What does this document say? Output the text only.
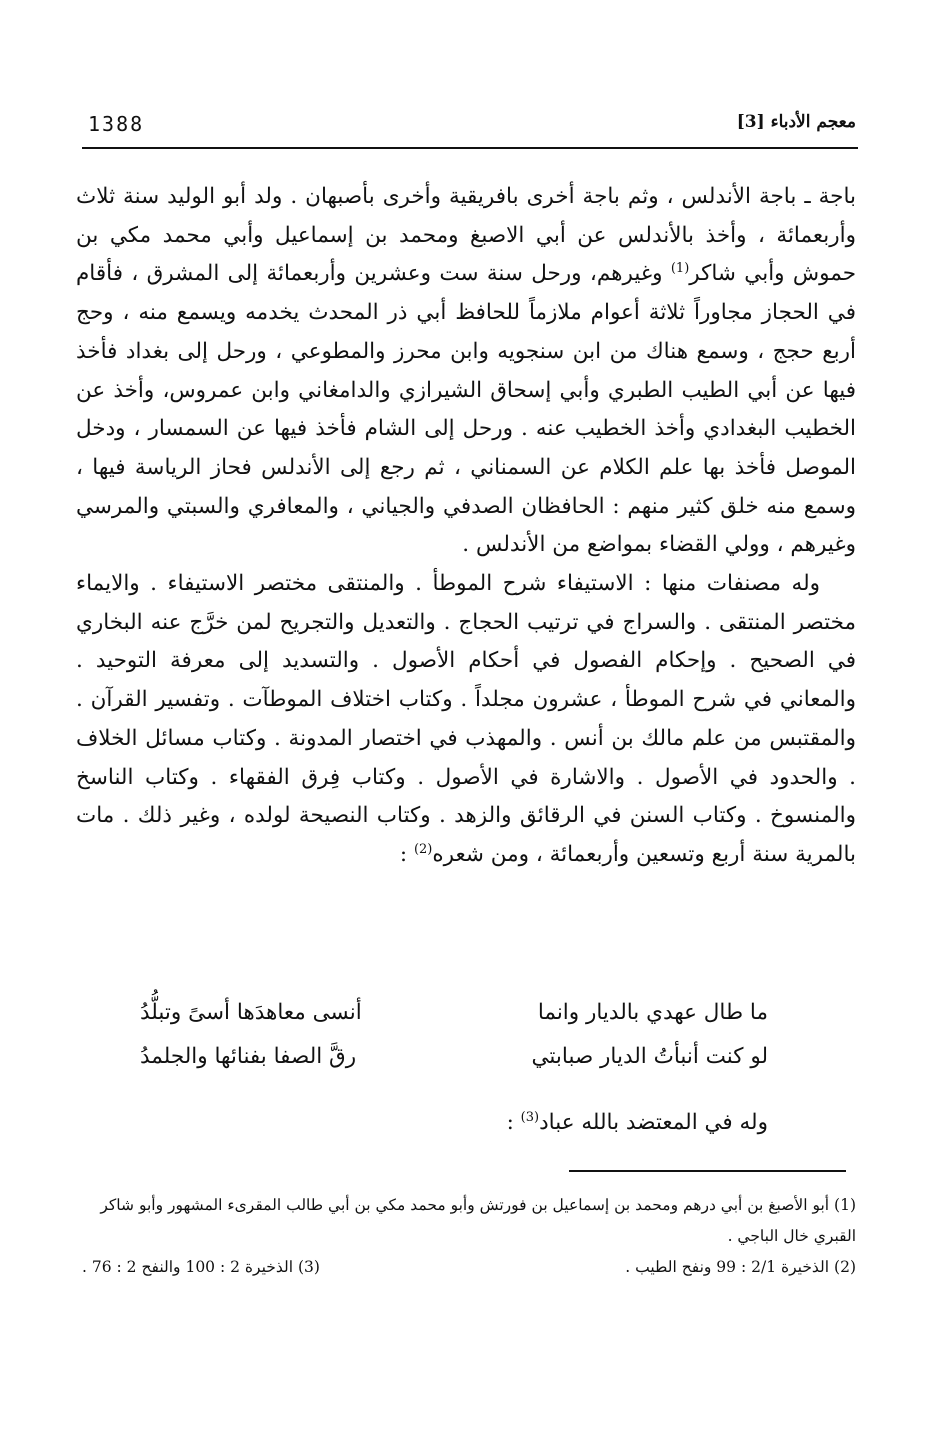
1388	معجم الأدباء [3]

باجة ـ باجة الأندلس ، وثم باجة أخرى بافريقية وأخرى بأصبهان . ولد أبو الوليد سنة ثلاث وأربعمائة ، وأخذ بالأندلس عن أبي الاصبغ ومحمد بن إسماعيل وأبي محمد مكي بن حموش وأبي شاكر$^{(1)}$ وغيرهم، ورحل سنة ست وعشرين وأربعمائة إلى المشرق ، فأقام في الحجاز مجاوراً ثلاثة أعوام ملازماً للحافظ أبي ذر المحدث يخدمه ويسمع منه ، وحج أربع حجج ، وسمع هناك من ابن سنجويه وابن محرز والمطوعي ، ورحل إلى بغداد فأخذ فيها عن أبي الطيب الطبري وأبي إسحاق الشيرازي والدامغاني وابن عمروس، وأخذ عن الخطيب البغدادي وأخذ الخطيب عنه . ورحل إلى الشام فأخذ فيها عن السمسار ، ودخل الموصل فأخذ بها علم الكلام عن السمناني ، ثم رجع إلى الأندلس فحاز الرياسة فيها ، وسمع منه خلق كثير منهم : الحافظان الصدفي والجياني ، والمعافري والسبتي والمرسي وغيرهم ، وولي القضاء بمواضع من الأندلس .

وله مصنفات منها : الاستيفاء شرح الموطأ . والمنتقى مختصر الاستيفاء . والايماء مختصر المنتقى . والسراج في ترتيب الحجاج . والتعديل والتجريح لمن خرَّج عنه البخاري في الصحيح . وإحكام الفصول في أحكام الأصول . والتسديد إلى معرفة التوحيد . والمعاني في شرح الموطأ ، عشرون مجلداً . وكتاب اختلاف الموطآت . وتفسير القرآن . والمقتبس من علم مالك بن أنس . والمهذب في اختصار المدونة . وكتاب مسائل الخلاف . والحدود في الأصول . والاشارة في الأصول . وكتاب فِرق الفقهاء . وكتاب الناسخ والمنسوخ . وكتاب السنن في الرقائق والزهد . وكتاب النصيحة لولده ، وغير ذلك . مات بالمرية سنة أربع وتسعين وأربعمائة ، ومن شعره$^{(2)}$ :

ما طال عهدي بالديار وانما
أنسى معاهدَها أسىً وتبلُّدُ
لو كنت أنبأتُ الديار صبابتي
رقَّ الصفا بفنائها والجلمدُ
وله في المعتضد بالله عباد$^{(3)}$ :

(1) أبو الأصبغ بن أبي درهم ومحمد بن إسماعيل بن فورتش وأبو محمد مكي بن أبي طالب المقرىء المشهور وأبو شاكر القبري خال الباجي .

(2) الذخيرة 2/1 : 99 ونفح الطيب .
(3) الذخيرة 2 : 100 والنفح 2 : 76 .
